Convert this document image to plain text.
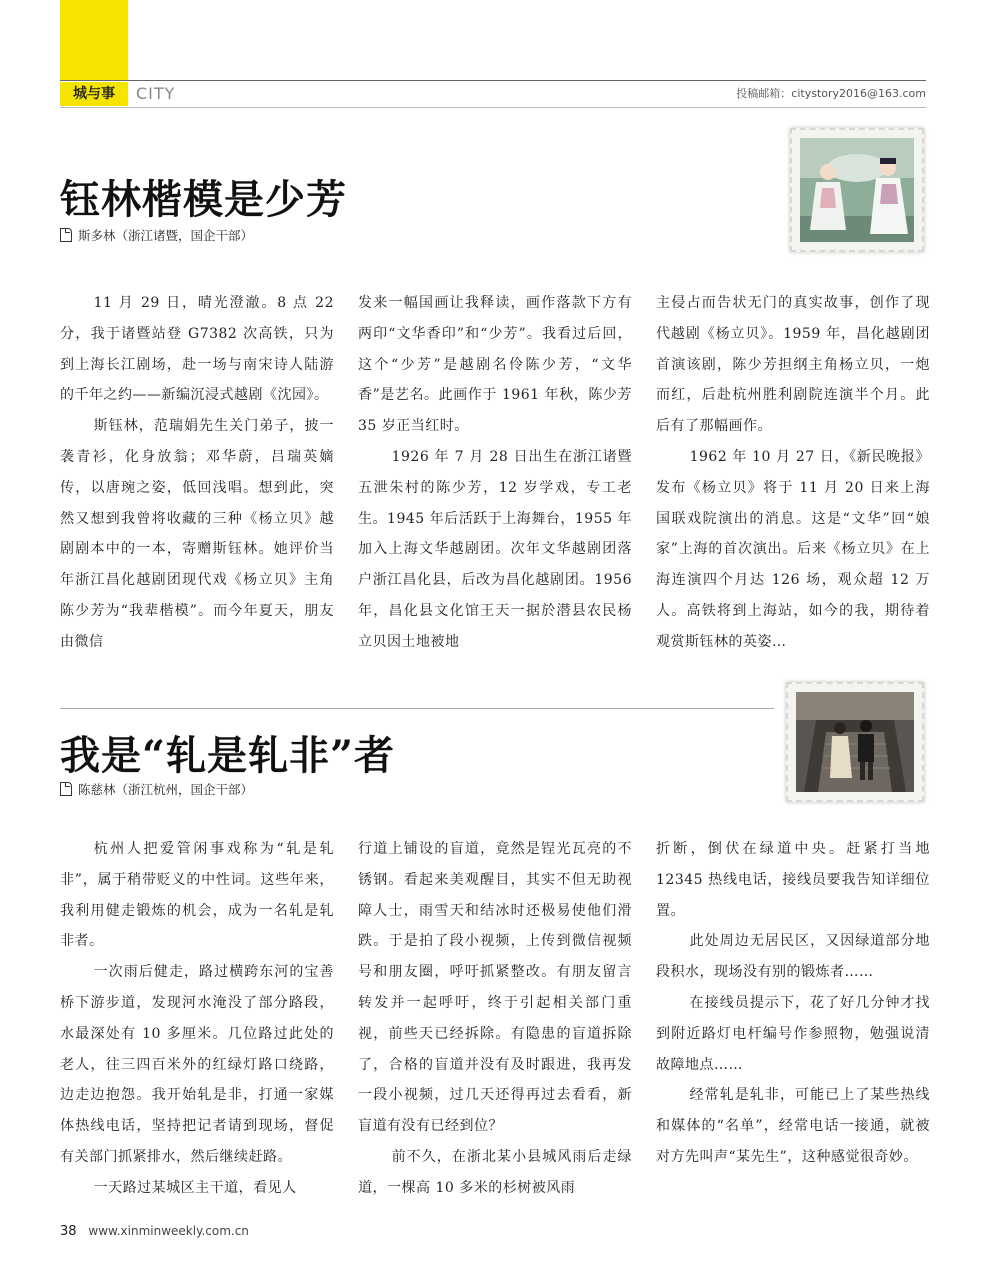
城与事	CITY	投稿邮箱：citystory2016@163.com
钰林楷模是少芳
斯多林（浙江诸暨，国企干部）

11 月 29 日，晴光澄澈。8 点 22 分，我于诸暨站登 G7382 次高铁，只为到上海长江剧场，赴一场与南宋诗人陆游的千年之约——新编沉浸式越剧《沈园》。

斯钰林，范瑞娟先生关门弟子，披一袭青衫，化身放翁；邓华蔚，吕瑞英嫡传，以唐琬之姿，低回浅唱。想到此，突然又想到我曾将收藏的三种《杨立贝》越剧剧本中的一本，寄赠斯钰林。她评价当年浙江昌化越剧团现代戏《杨立贝》主角陈少芳为“我辈楷模”。而今年夏天，朋友由微信

发来一幅国画让我释读，画作落款下方有两印“文华香印”和“少芳”。我看过后回，这个“少芳”是越剧名伶陈少芳，“文华香”是艺名。此画作于 1961 年秋，陈少芳 35 岁正当红时。

1926 年 7 月 28 日出生在浙江诸暨五泄朱村的陈少芳，12 岁学戏，专工老生。1945 年后活跃于上海舞台，1955 年加入上海文华越剧团。次年文华越剧团落户浙江昌化县，后改为昌化越剧团。1956 年，昌化县文化馆王天一据於潜县农民杨立贝因土地被地

主侵占而告状无门的真实故事，创作了现代越剧《杨立贝》。1959 年，昌化越剧团首演该剧，陈少芳担纲主角杨立贝，一炮而红，后赴杭州胜利剧院连演半个月。此后有了那幅画作。

1962 年 10 月 27 日，《新民晚报》发布《杨立贝》将于 11 月 20 日来上海国联戏院演出的消息。这是“文华”回“娘家”上海的首次演出。后来《杨立贝》在上海连演四个月达 126 场，观众超 12 万人。高铁将到上海站，如今的我，期待着观赏斯钰林的英姿…

我是“轧是轧非”者
陈慈林（浙江杭州，国企干部）

杭州人把爱管闲事戏称为“轧是轧非”，属于稍带贬义的中性词。这些年来，我利用健走锻炼的机会，成为一名轧是轧非者。

一次雨后健走，路过横跨东河的宝善桥下游步道，发现河水淹没了部分路段，水最深处有 10 多厘米。几位路过此处的老人，往三四百米外的红绿灯路口绕路，边走边抱怨。我开始轧是非，打通一家媒体热线电话，坚持把记者请到现场，督促有关部门抓紧排水，然后继续赶路。

一天路过某城区主干道，看见人

行道上铺设的盲道，竟然是锃光瓦亮的不锈钢。看起来美观醒目，其实不但无助视障人士，雨雪天和结冰时还极易使他们滑跌。于是拍了段小视频，上传到微信视频号和朋友圈，呼吁抓紧整改。有朋友留言转发并一起呼吁，终于引起相关部门重视，前些天已经拆除。有隐患的盲道拆除了，合格的盲道并没有及时跟进，我再发一段小视频，过几天还得再过去看看，新盲道有没有已经到位？

前不久，在浙北某小县城风雨后走绿道，一棵高 10 多米的杉树被风雨

折断，倒伏在绿道中央。赶紧打当地 12345 热线电话，接线员要我告知详细位置。

此处周边无居民区，又因绿道部分地段积水，现场没有别的锻炼者……

在接线员提示下，花了好几分钟才找到附近路灯电杆编号作参照物，勉强说清故障地点……

经常轧是轧非，可能已上了某些热线和媒体的“名单”，经常电话一接通，就被对方先叫声“某先生”，这种感觉很奇妙。

38 www.xinminweekly.com.cn
